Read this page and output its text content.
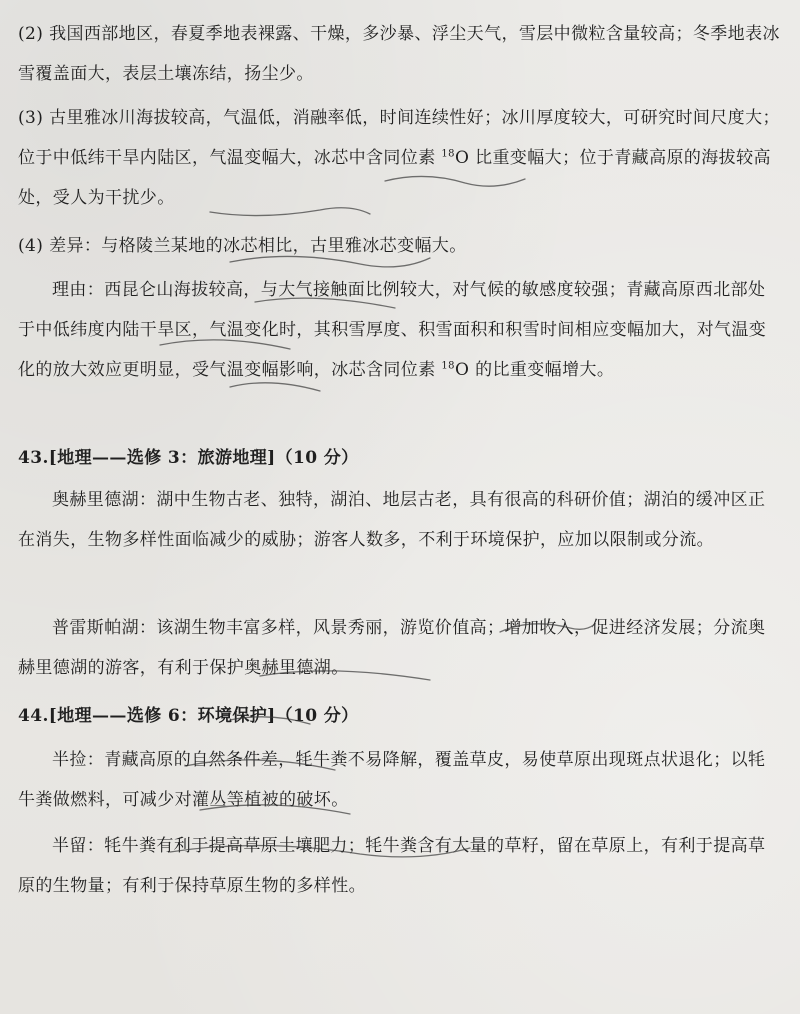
(2) 我国西部地区，春夏季地表裸露、干燥，多沙暴、浮尘天气，雪层中微粒含量较高；冬季地表冰雪覆盖面大，表层土壤冻结，扬尘少。

(3) 古里雅冰川海拔较高，气温低，消融率低，时间连续性好；冰川厚度较大，可研究时间尺度大；位于中低纬干旱内陆区，气温变幅大，冰芯中含同位素 $^{18}$O 比重变幅大；位于青藏高原的海拔较高处，受人为干扰少。

(4) 差异：与格陵兰某地的冰芯相比，古里雅冰芯变幅大。

理由：西昆仑山海拔较高，与大气接触面比例较大，对气候的敏感度较强；青藏高原西北部处于中低纬度内陆干旱区，气温变化时，其积雪厚度、积雪面积和积雪时间相应变幅加大，对气温变化的放大效应更明显，受气温变幅影响，冰芯含同位素 $^{18}$O 的比重变幅增大。

43.[地理——选修 3：旅游地理]（10 分）

奥赫里德湖：湖中生物古老、独特，湖泊、地层古老，具有很高的科研价值；湖泊的缓冲区正在消失，生物多样性面临减少的威胁；游客人数多，不利于环境保护，应加以限制或分流。

普雷斯帕湖：该湖生物丰富多样，风景秀丽，游览价值高；增加收入，促进经济发展；分流奥赫里德湖的游客，有利于保护奥赫里德湖。

44.[地理——选修 6：环境保护]（10 分）

半捡：青藏高原的自然条件差，牦牛粪不易降解，覆盖草皮，易使草原出现斑点状退化；以牦牛粪做燃料，可减少对灌丛等植被的破坏。

半留：牦牛粪有利于提高草原土壤肥力；牦牛粪含有大量的草籽，留在草原上，有利于提高草原的生物量；有利于保持草原生物的多样性。
